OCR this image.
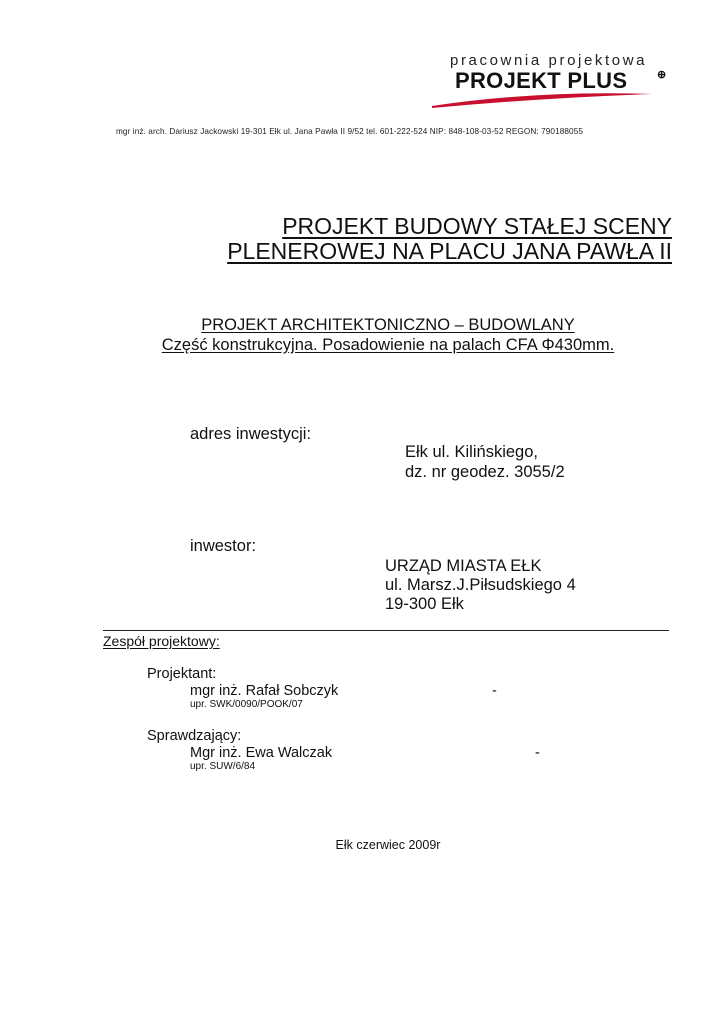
pracownia projektowa
PROJEKT PLUS	⊕
mgr inż. arch. Dariusz Jackowski 19-301 Ełk ul. Jana Pawła II 9/52 tel. 601-222-524 NIP: 848-108-03-52 REGON: 790188055
PROJEKT BUDOWY STAŁEJ SCENY
PLENEROWEJ NA PLACU JANA PAWŁA II
PROJEKT ARCHITEKTONICZNO – BUDOWLANY
Część konstrukcyjna. Posadowienie na palach CFA Φ430mm.
adres inwestycji:
Ełk ul. Kilińskiego,
dz. nr geodez. 3055/2
inwestor:
URZĄD MIASTA EŁK
ul. Marsz.J.Piłsudskiego 4
19-300 Ełk
Zespół projektowy:
Projektant:
mgr inż. Rafał Sobczyk	-
upr. SWK/0090/POOK/07
Sprawdzający:
Mgr inż. Ewa Walczak	-
upr. SUW/6/84
Ełk czerwiec 2009r
